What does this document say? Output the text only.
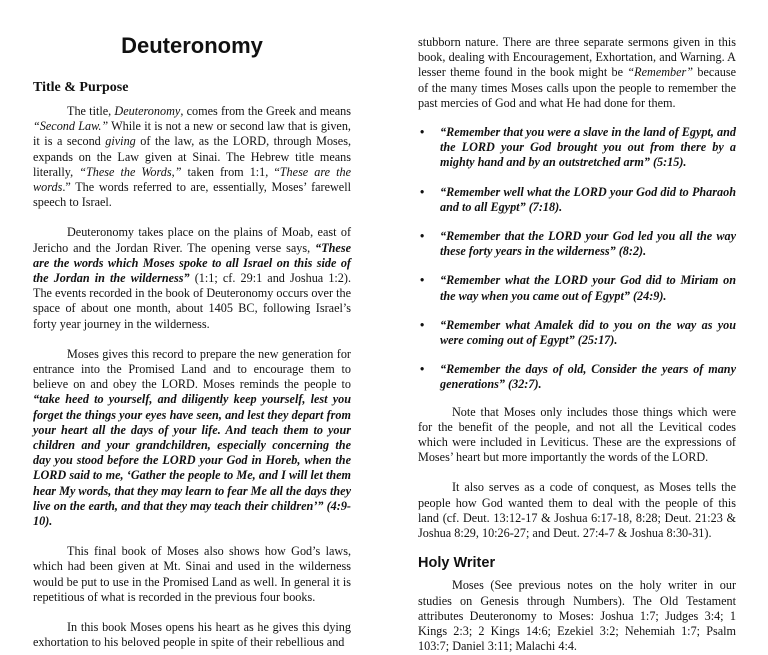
Deuteronomy
Title & Purpose

The title, Deuteronomy, comes from the Greek and means “Second Law.” While it is not a new or second law that is given, it is a second giving of the law, as the LORD, through Moses, expands on the Law given at Sinai. The Hebrew title means literally, “These the Words,” taken from 1:1, “These are the words.” The words referred to are, essentially, Moses’ farewell speech to Israel.

Deuteronomy takes place on the plains of Moab, east of Jericho and the Jordan River. The opening verse says, “These are the words which Moses spoke to all Israel on this side of the Jordan in the wilderness” (1:1; cf. 29:1 and Joshua 1:2). The events recorded in the book of Deuteronomy occurs over the space of about one month, about 1405 BC, following Israel’s forty year journey in the wilderness.

Moses gives this record to prepare the new generation for entrance into the Promised Land and to encourage them to believe on and obey the LORD. Moses reminds the people to “take heed to yourself, and diligently keep yourself, lest you forget the things your eyes have seen, and lest they depart from your heart all the days of your life. And teach them to your children and your grandchildren, especially concerning the day you stood before the LORD your God in Horeb, when the LORD said to me, ‘Gather the people to Me, and I will let them hear My words, that they may learn to fear Me all the days they live on the earth, and that they may teach their children’” (4:9-10).

This final book of Moses also shows how God’s laws, which had been given at Mt. Sinai and used in the wilderness would be put to use in the Promised Land as well. In general it is repetitious of what is recorded in the previous four books.

In this book Moses opens his heart as he gives this dying exhortation to his beloved people in spite of their rebellious and

stubborn nature. There are three separate sermons given in this book, dealing with Encouragement, Exhortation, and Warning. A lesser theme found in the book might be “Remember” because of the many times Moses calls upon the people to remember the past mercies of God and what He had done for them.

• “Remember that you were a slave in the land of Egypt, and the LORD your God brought you out from there by a mighty hand and by an outstretched arm” (5:15).
• “Remember well what the LORD your God did to Pharaoh and to all Egypt” (7:18).
• “Remember that the LORD your God led you all the way these forty years in the wilderness” (8:2).
• “Remember what the LORD your God did to Miriam on the way when you came out of Egypt” (24:9).
• “Remember what Amalek did to you on the way as you were coming out of Egypt” (25:17).
• “Remember the days of old, Consider the years of many generations” (32:7).

Note that Moses only includes those things which were for the benefit of the people, and not all the Levitical codes which were included in Leviticus. These are the expressions of Moses’ heart but more importantly the words of the LORD.

It also serves as a code of conquest, as Moses tells the people how God wanted them to deal with the people of this land (cf. Deut. 13:12-17 & Joshua 6:17-18, 8:28; Deut. 21:23 & Joshua 8:29, 10:26-27; and Deut. 27:4-7 & Joshua 8:30-31).

Holy Writer

Moses (See previous notes on the holy writer in our studies on Genesis through Numbers). The Old Testament attributes Deuteronomy to Moses: Joshua 1:7; Judges 3:4; 1 Kings 2:3; 2 Kings 14:6; Ezekiel 3:2; Nehemiah 1:7; Psalm 103:7; Daniel 3:11; Malachi 4:4.
